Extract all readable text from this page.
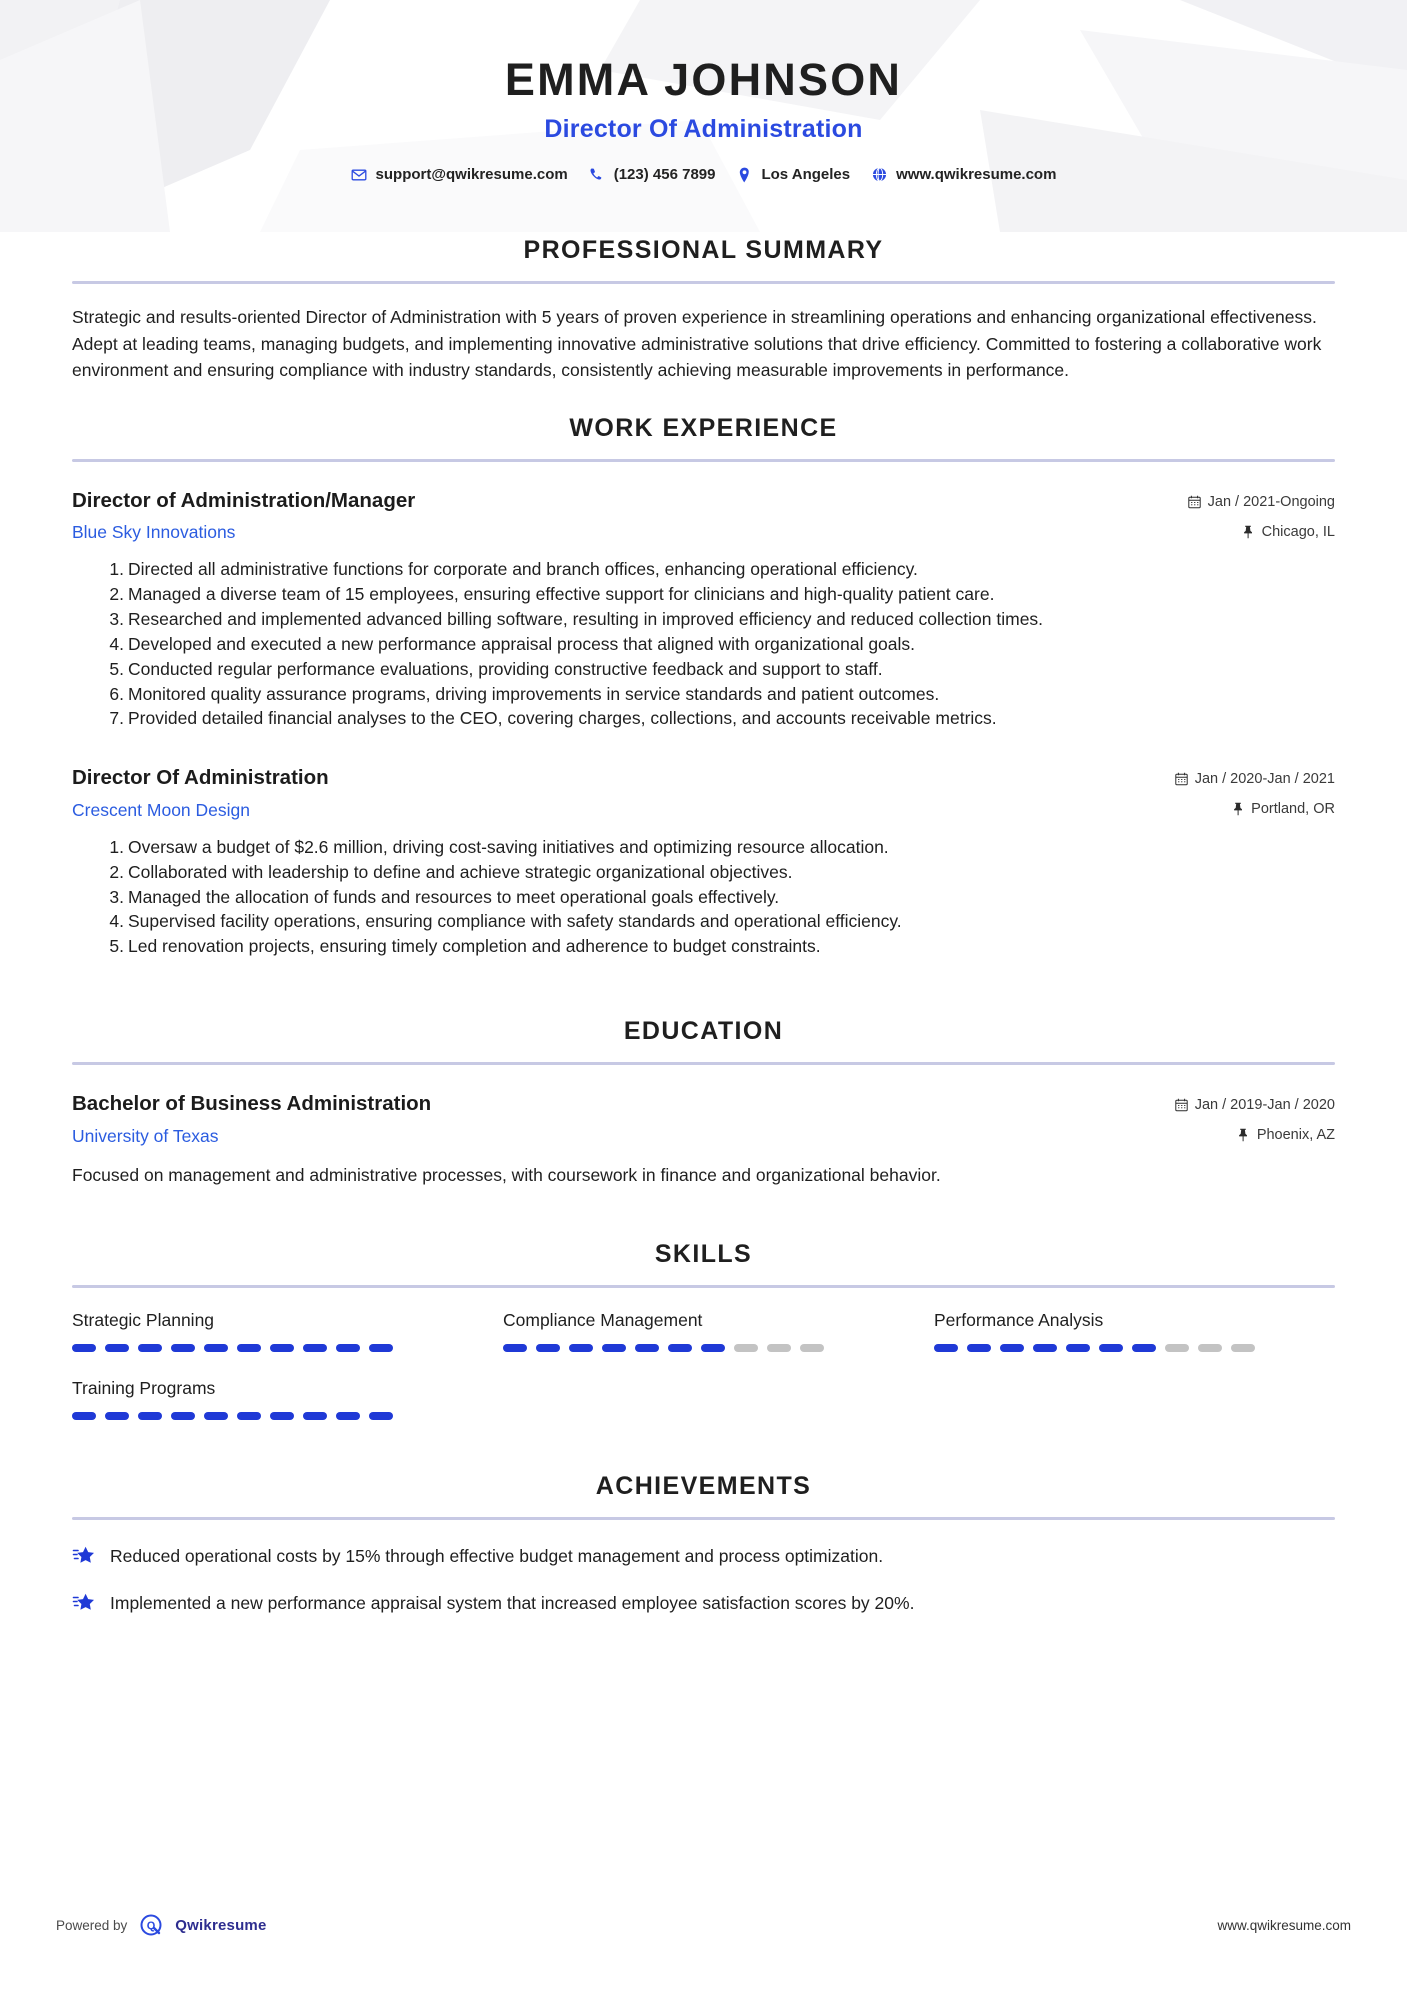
EMMA JOHNSON
Director Of Administration
support@qwikresume.com	(123) 456 7899	Los Angeles	www.qwikresume.com
PROFESSIONAL SUMMARY

Strategic and results-oriented Director of Administration with 5 years of proven experience in streamlining operations and enhancing organizational effectiveness. Adept at leading teams, managing budgets, and implementing innovative administrative solutions that drive efficiency. Committed to fostering a collaborative work environment and ensuring compliance with industry standards, consistently achieving measurable improvements in performance.

WORK EXPERIENCE
Director of Administration/Manager
Blue Sky Innovations
Jan / 2021-Ongoing
Chicago, IL
Directed all administrative functions for corporate and branch offices, enhancing operational efficiency.
Managed a diverse team of 15 employees, ensuring effective support for clinicians and high-quality patient care.
Researched and implemented advanced billing software, resulting in improved efficiency and reduced collection times.
Developed and executed a new performance appraisal process that aligned with organizational goals.
Conducted regular performance evaluations, providing constructive feedback and support to staff.
Monitored quality assurance programs, driving improvements in service standards and patient outcomes.
Provided detailed financial analyses to the CEO, covering charges, collections, and accounts receivable metrics.
Director Of Administration
Crescent Moon Design
Jan / 2020-Jan / 2021
Portland, OR
Oversaw a budget of $2.6 million, driving cost-saving initiatives and optimizing resource allocation.
Collaborated with leadership to define and achieve strategic organizational objectives.
Managed the allocation of funds and resources to meet operational goals effectively.
Supervised facility operations, ensuring compliance with safety standards and operational efficiency.
Led renovation projects, ensuring timely completion and adherence to budget constraints.
EDUCATION
Bachelor of Business Administration
University of Texas
Jan / 2019-Jan / 2020
Phoenix, AZ

Focused on management and administrative processes, with coursework in finance and organizational behavior.

SKILLS
Strategic Planning	Compliance Management	Performance Analysis
Training Programs
ACHIEVEMENTS
Reduced operational costs by 15% through effective budget management and process optimization.
Implemented a new performance appraisal system that increased employee satisfaction scores by 20%.
Powered by Q Qwikresume	www.qwikresume.com
